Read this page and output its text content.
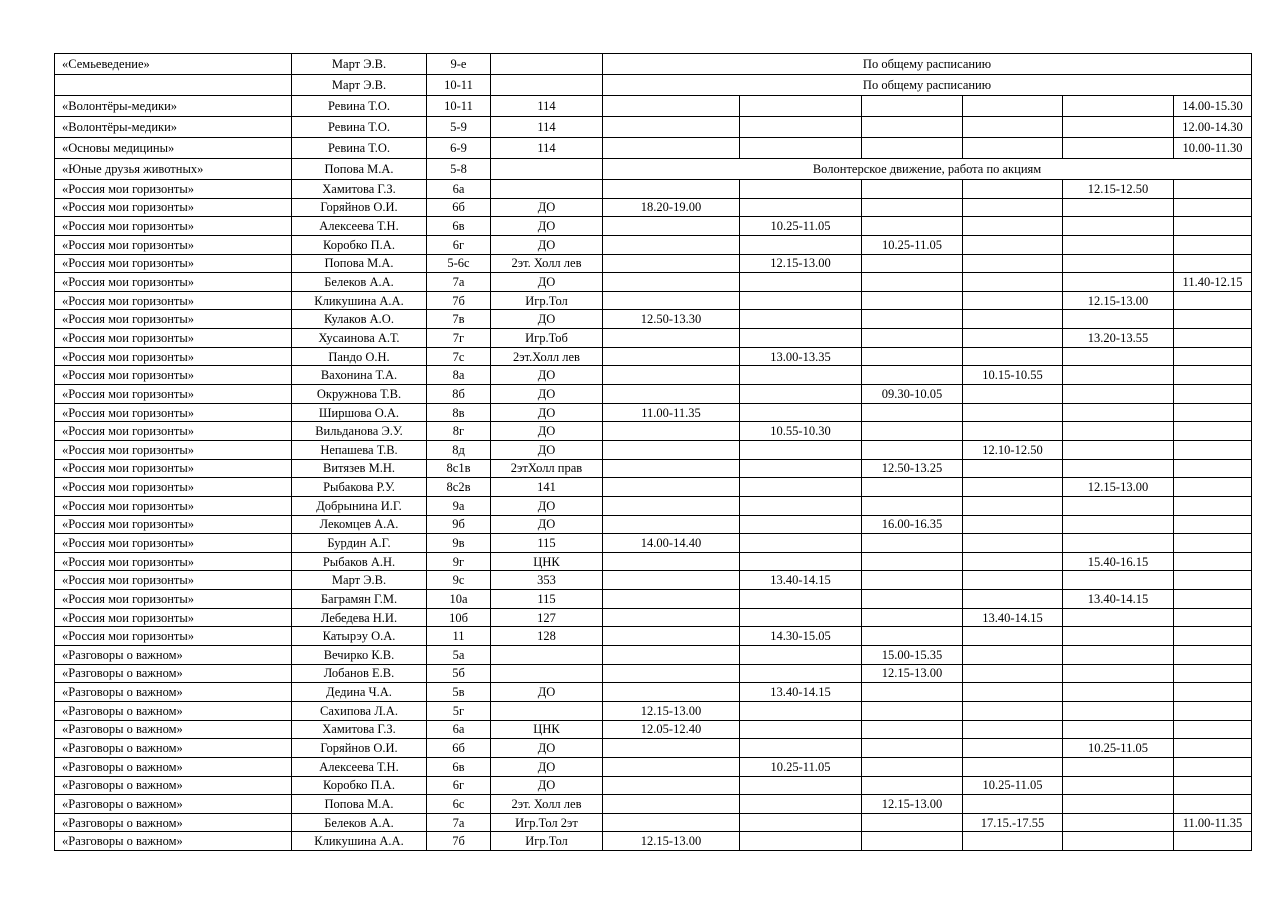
«Семьеведение»	Март Э.В.	9-е		По общему расписанию					
	Март Э.В.	10-11		По общему расписанию					
«Волонтёры-медики»	Ревина Т.О.	10-11	114						14.00-15.30
«Волонтёры-медики»	Ревина Т.О.	5-9	114						12.00-14.30
«Основы медицины»	Ревина Т.О.	6-9	114						10.00-11.30
«Юные друзья животных»	Попова М.А.	5-8		Волонтерское движение, работа по акциям					
«Россия мои горизонты»	Хамитова Г.З.	6а						12.15-12.50	
«Россия мои горизонты»	Горяйнов О.И.	6б	ДО	18.20-19.00					
«Россия мои горизонты»	Алексеева Т.Н.	6в	ДО		10.25-11.05				
«Россия мои горизонты»	Коробко П.А.	6г	ДО			10.25-11.05			
«Россия мои горизонты»	Попова М.А.	5-6с	2эт. Холл лев		12.15-13.00				
«Россия мои горизонты»	Белеков А.А.	7а	ДО						11.40-12.15
«Россия мои горизонты»	Кликушина А.А.	7б	Игр.Тол					12.15-13.00	
«Россия мои горизонты»	Кулаков А.О.	7в	ДО	12.50-13.30					
«Россия мои горизонты»	Хусаинова А.Т.	7г	Игр.Тоб					13.20-13.55	
«Россия мои горизонты»	Пандо О.Н.	7с	2эт.Холл лев		13.00-13.35				
«Россия мои горизонты»	Вахонина Т.А.	8а	ДО				10.15-10.55		
«Россия мои горизонты»	Окружнова Т.В.	8б	ДО			09.30-10.05			
«Россия мои горизонты»	Ширшова О.А.	8в	ДО	11.00-11.35					
«Россия мои горизонты»	Вильданова Э.У.	8г	ДО		10.55-10.30				
«Россия мои горизонты»	Непашева Т.В.	8д	ДО				12.10-12.50		
«Россия мои горизонты»	Витязев М.Н.	8с1в	2этХолл прав			12.50-13.25			
«Россия мои горизонты»	Рыбакова Р.У.	8с2в	141					12.15-13.00	
«Россия мои горизонты»	Добрынина И.Г.	9а	ДО						
«Россия мои горизонты»	Лекомцев А.А.	9б	ДО			16.00-16.35			
«Россия мои горизонты»	Бурдин А.Г.	9в	115	14.00-14.40					
«Россия мои горизонты»	Рыбаков А.Н.	9г	ЦНК					15.40-16.15	
«Россия мои горизонты»	Март Э.В.	9с	353		13.40-14.15				
«Россия мои горизонты»	Баграмян Г.М.	10а	115					13.40-14.15	
«Россия мои горизонты»	Лебедева Н.И.	10б	127				13.40-14.15		
«Россия мои горизонты»	Катырэу О.А.	11	128		14.30-15.05				
«Разговоры о важном»	Вечирко К.В.	5а				15.00-15.35			
«Разговоры о важном»	Лобанов Е.В.	5б				12.15-13.00			
«Разговоры о важном»	Дедина Ч.А.	5в	ДО		13.40-14.15				
«Разговоры о важном»	Сахипова Л.А.	5г		12.15-13.00					
«Разговоры о важном»	Хамитова Г.З.	6а	ЦНК	12.05-12.40					
«Разговоры о важном»	Горяйнов О.И.	6б	ДО					10.25-11.05	
«Разговоры о важном»	Алексеева Т.Н.	6в	ДО		10.25-11.05				
«Разговоры о важном»	Коробко П.А.	6г	ДО				10.25-11.05		
«Разговоры о важном»	Попова М.А.	6с	2эт. Холл лев			12.15-13.00			
«Разговоры о важном»	Белеков А.А.	7а	Игр.Тол 2эт				17.15.-17.55		11.00-11.35
«Разговоры о важном»	Кликушина А.А.	7б	Игр.Тол	12.15-13.00					
